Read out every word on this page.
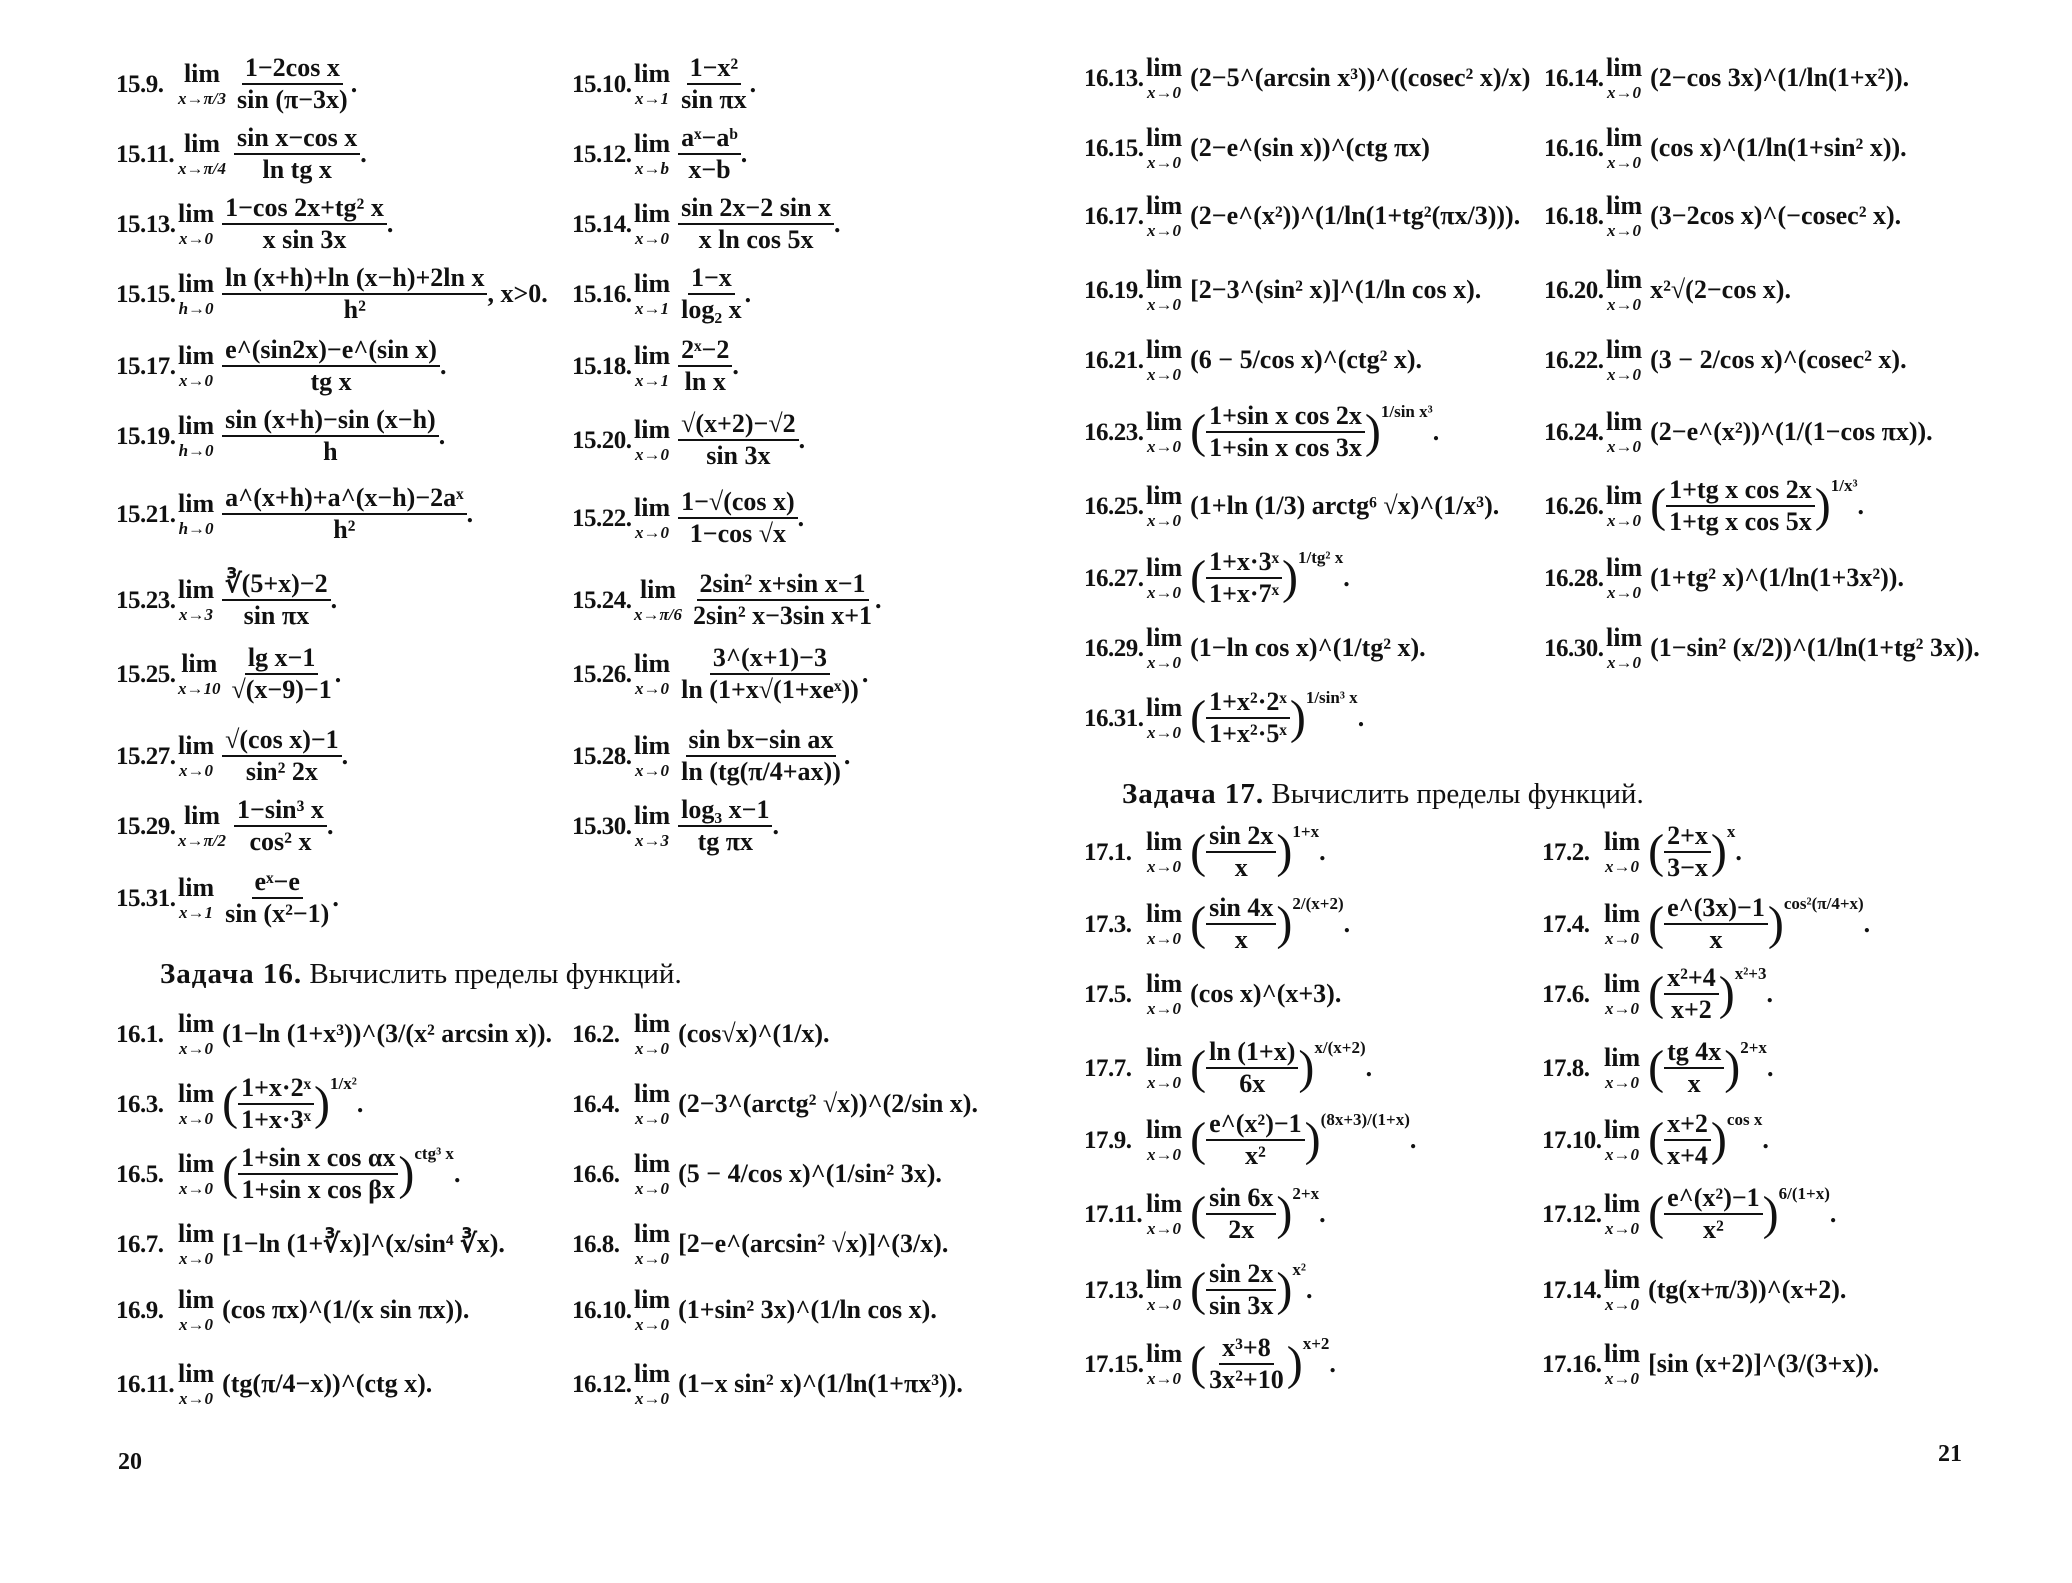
20
Задача 16. Вычислить пределы функций.
15.9. lim
$x\to\pi/3 \frac{\text{1−2cos x}}{\sin (\pi-3x)}$ .	15.10. lim
$x\to 1 \frac{\text{1−x²}}{\text{sin πx}}$ .
15.11. lim
$x\to\pi/4 \frac{\text{sin x−cos x}}{\text{ln tg x}}$ .	15.12. lim
$x\to b \frac{\text{aˣ−aᵇ}}{x-b}$ .
15.13. lim
$x\to 0 \frac{\text{1−cos 2x+tg² x}}{\text{x sin 3x}}$ .	15.14. lim
$x\to 0 \frac{\text{sin 2x−2 sin x}}{\text{x ln cos 5x}}$ .
15.15. lim
$h\to 0 \frac{\text{ln (x+h)+ln (x−h)+2ln x}}{\text{h²}}$ , x>0. 15.16. lim
$x\to 1 \frac{1-x}{\text{log₂ x}}$ .
15.17. lim
$x\to 0 \frac{\text{e\textasciicircum{}(sin2x)−e\textasciicircum{}(sin x)}}{\text{tg x}}$ .	15.18. lim
$x\to 1 \frac{\text{2ˣ−2}}{\text{ln x}}$ .
15.19. lim
$h\to 0 \frac{\sin (x+h)-\sin (x-h)}{h}$ .	15.20. lim
$x\to 0 \frac{√(x+2)-√2}{\sin 3x}$ .
15.21. lim
$h\to 0 \frac{\text{a\textasciicircum{}(x+h)+a\textasciicircum{}(x−h)−2aˣ}}{\text{h²}}$ .	15.22. lim
$x\to 0 \frac{\text{1−√(cos x)}}{1-\cos √x}$ .
15.23. lim
$x\to 3 \frac{∛(5+x)-2}{\text{sin πx}}$ .	15.24. lim
$x\to\pi/6 \frac{\text{2sin² x+sin x−1}}{\text{2sin² x−3sin x+1}}$ .
15.25. lim
$x\to 10 \frac{\text{lg x−1}}{√(x-9)-1}$ .	15.26. lim
$x\to 0 \frac{3\^{}(x+1)-3}{\text{ln (1+x√(1+xeˣ))}}$ .
15.27. lim
$x\to 0 \frac{\text{√(cos x)−1}}{\text{sin² 2x}}$ .	15.28. lim
$x\to 0 \frac{\text{sin bx−sin ax}}{\ln (tg(\pi/4+ax))}$ .
15.29. lim
$x\to\pi/2 \frac{\text{1−sin³ x}}{\text{cos² x}}$ .	15.30. lim
$x\to 3 \frac{\text{log₃ x−1}}{\text{tg πx}}$ .
15.31. lim
$x\to 1 \frac{\text{eˣ−e}}{\text{sin (x²−1)}}$ .
16.1. lim
x→0
(1−ln (1+x³))^(3/(x² arcsin x)). 16.2. lim
x→0
(cos√x)^(1/x).
16.3. lim
x→0 ( $\frac{\text{1+x·2ˣ}}{\text{1+x·3ˣ}} )^{1/x^2}$
.	16.4. lim
x→0
(2−3^(arctg² √x))^(2/sin x).
16.5. lim
x→0 ( $\frac{\text{1+sin x cos αx}}{\text{1+sin x cos βx}} )^{ctg^3 x}$
.	16.6. lim
x→0
(5 − 4/cos x)^(1/sin² 3x).
16.7. lim
x→0
[1−ln (1+∛x)]^(x/sin⁴ ∛x).	16.8. lim
x→0
[2−e^(arcsin² √x)]^(3/x).
16.9. lim
x→0
(cos πx)^(1/(x sin πx)).	16.10. lim
x→0
(1+sin² 3x)^(1/ln cos x).
16.11. lim
x→0
(tg(π/4−x))^(ctg x).	16.12. lim
x→0
(1−x sin² x)^(1/ln(1+πx³)).
21
Задача 17. Вычислить пределы функций.
16.13. lim
x→0
(2−5^(arcsin x³))^((cosec² x)/x) 16.14. lim
x→0
(2−cos 3x)^(1/ln(1+x²)).
16.15. lim
x→0
(2−e^(sin x))^(ctg πx)	16.16. lim
x→0
(cos x)^(1/ln(1+sin² x)).
16.17. lim
x→0
(2−e^(x²))^(1/ln(1+tg²(πx/3))). 16.18. lim
x→0
(3−2cos x)^(−cosec² x).
16.19. lim
x→0
[2−3^(sin² x)]^(1/ln cos x).	16.20. lim
x→0
x²√(2−cos x).
16.21. lim
x→0
(6 − 5/cos x)^(ctg² x).	16.22. lim
x→0
(3 − 2/cos x)^(cosec² x).
16.23. lim
x→0 ( $\frac{\text{1+sin x cos 2x}}{\text{1+sin x cos 3x}} )^{1/sin x^3}$
.	16.24. lim
x→0
(2−e^(x²))^(1/(1−cos πx)).
16.25. lim
x→0
(1+ln (1/3) arctg⁶ √x)^(1/x³). 16.26. lim
x→0 ( $\frac{\text{1+tg x cos 2x}}{\text{1+tg x cos 5x}} )^{1/x^3}$
.
16.27. lim
x→0 ( $\frac{\text{1+x·3ˣ}}{\text{1+x·7ˣ}} )^{1/tg^2 x}$
.	16.28. lim
x→0
(1+tg² x)^(1/ln(1+3x²)).
16.29. lim
x→0
(1−ln cos x)^(1/tg² x).	16.30. lim
x→0
(1−sin² (x/2))^(1/ln(1+tg² 3x)).
16.31. lim
x→0 ( $\frac{\text{1+x²·2ˣ}}{\text{1+x²·5ˣ}} )^{1/sin^3 x}$
.
17.1. lim
x→0 ( $\frac{\sin 2x}{x} )^{1+x}$
.	17.2. lim
x→0 ( $\frac{2+x}{3-x} )^x$
.
17.3. lim
x→0 ( $\frac{\sin 4x}{x} )^{2/(x+2)}$
.	17.4. lim
x→0 ( $\frac{e\^{}(3x)-1}{x} )^{cos^2(\pi/4+x)}$
.
17.5. lim
x→0
(cos x)^(x+3).	17.6. lim
x→0 ( $\frac{\text{x²+4}}{x+2} )^{x^2+3}$
.
17.7. lim
x→0 ( $\frac{\ln (1+x)}{6x} )^{x/(x+2)}$
.	17.8. lim
x→0 ( $\frac{tg 4x}{x} )^{2+x}$
.
17.9. lim
x→0 ( $\frac{\text{e\textasciicircum{}(x²)−1}}{\text{x²}} )^{(8x+3)/(1+x)}$
.	17.10. lim
x→0 ( $\frac{x+2}{x+4} )^{cos x}$
.
17.11. lim
x→0 ( $\frac{\sin 6x}{2x} )^{2+x}$
.	17.12. lim
x→0 ( $\frac{\text{e\textasciicircum{}(x²)−1}}{\text{x²}} )^{6/(1+x)}$
.
17.13. lim
x→0 ( $\frac{\sin 2x}{\sin 3x} )^{x^2}$
.	17.14. lim
x→0
(tg(x+π/3))^(x+2).
17.15. lim
x→0 ( $\frac{\text{x³+8}}{\text{3x²+10}} )^{x+2}$
.	17.16. lim
x→0
[sin (x+2)]^(3/(3+x)).
